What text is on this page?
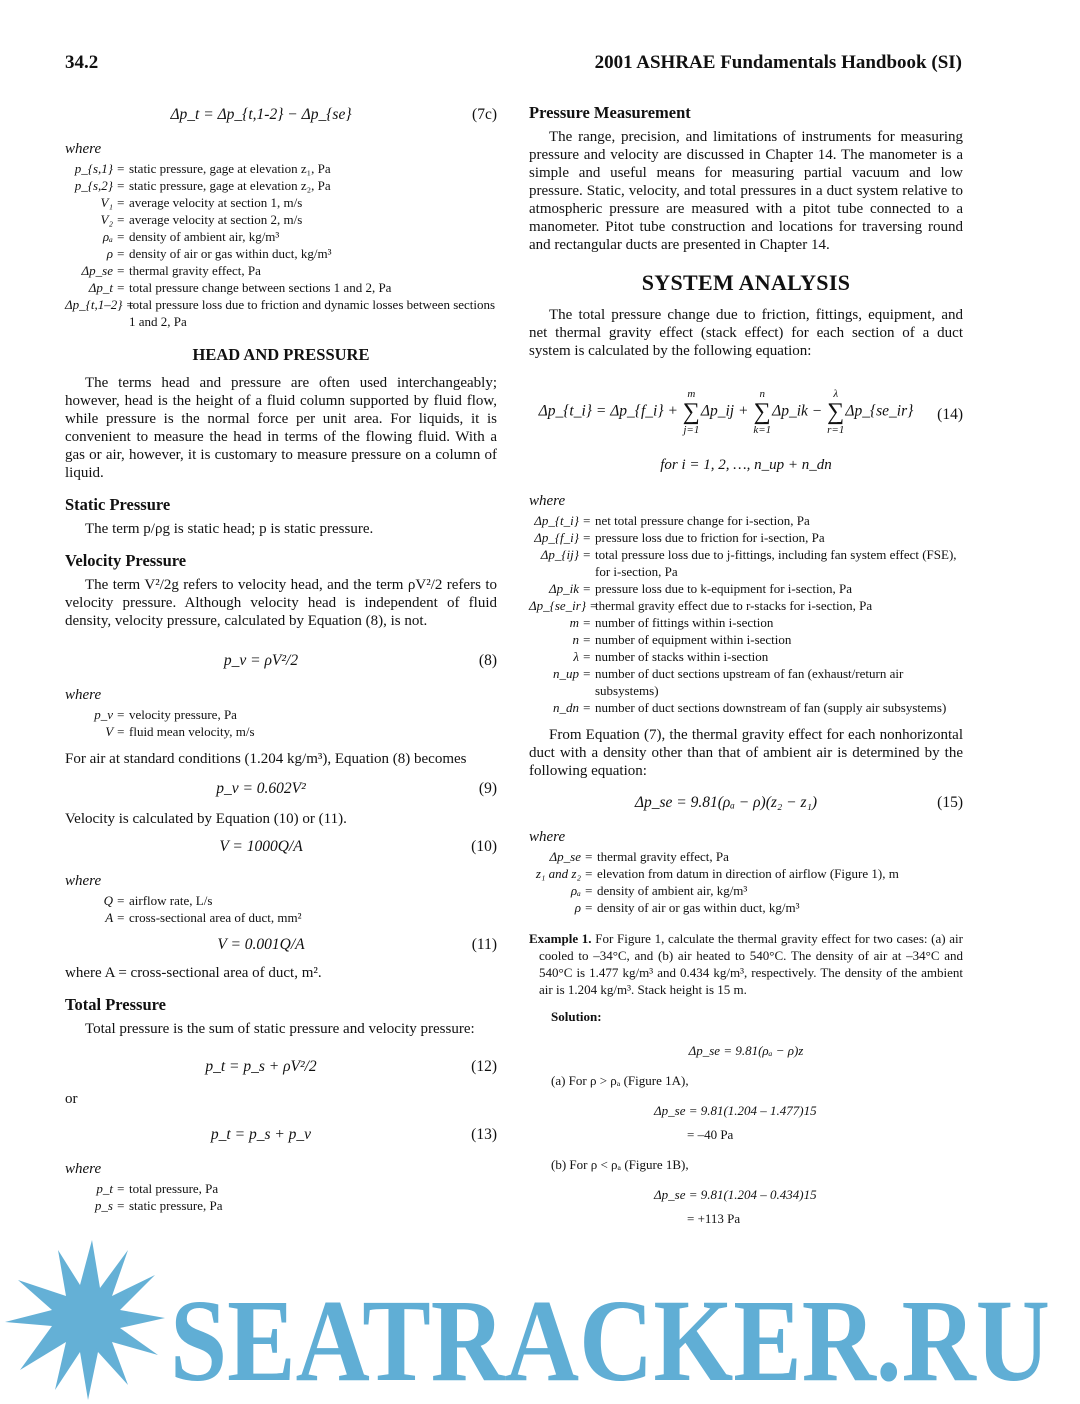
34.2	2001 ASHRAE Fundamentals Handbook (SI)
Δp_t = Δp_{t,1-2} − Δp_{se}	(7c)
where
p_{s,1} = static pressure, gage at elevation z₁, Pa
p_{s,2} = static pressure, gage at elevation z₂, Pa
V₁ = average velocity at section 1, m/s
V₂ = average velocity at section 2, m/s
ρₐ = density of ambient air, kg/m³
ρ = density of air or gas within duct, kg/m³
Δp_se = thermal gravity effect, Pa
Δp_t = total pressure change between sections 1 and 2, Pa
Δp_{t,1–2} =
total pressure loss due to friction and dynamic losses between sections 1 and 2, Pa
HEAD AND PRESSURE

The terms head and pressure are often used interchangeably; however, head is the height of a fluid column supported by fluid flow, while pressure is the normal force per unit area. For liquids, it is convenient to measure the head in terms of the flowing fluid. With a gas or air, however, it is customary to measure pressure on a column of liquid.

Static Pressure

The term p/ρg is static head; p is static pressure.

Velocity Pressure

The term V²/2g refers to velocity head, and the term ρV²/2 refers to velocity pressure. Although velocity head is independent of fluid density, velocity pressure, calculated by Equation (8), is not.

p_v = ρV²/2	(8)
where
p_v = velocity pressure, Pa
V = fluid mean velocity, m/s

For air at standard conditions (1.204 kg/m³), Equation (8) becomes

p_v = 0.602V²	(9)

Velocity is calculated by Equation (10) or (11).

V = 1000Q/A	(10)
where
Q = airflow rate, L/s
A = cross-sectional area of duct, mm²
V = 0.001Q/A	(11)

where A = cross-sectional area of duct, m².

Total Pressure

Total pressure is the sum of static pressure and velocity pressure:

p_t = p_s + ρV²/2	(12)

or

p_t = p_s + p_v	(13)
where
p_t = total pressure, Pa
p_s = static pressure, Pa
Pressure Measurement

The range, precision, and limitations of instruments for measuring pressure and velocity are discussed in Chapter 14. The manometer is a simple and useful means for measuring partial vacuum and low pressure. Static, velocity, and total pressures in a duct system relative to atmospheric pressure are measured with a pitot tube connected to a manometer. Pitot tube construction and locations for traversing round and rectangular ducts are presented in Chapter 14.

SYSTEM ANALYSIS

The total pressure change due to friction, fittings, equipment, and net thermal gravity effect (stack effect) for each section of a duct system is calculated by the following equation:

Δp_{t_i} = Δp_{f_i} +
m
∑
j=1
Δp_ij +
n
∑
k=1
Δp_ik −
λ
∑
r=1
Δp_{se_ir}	(14)
for i = 1, 2, …, n_up + n_dn
where
Δp_{t_i} = net total pressure change for i-section, Pa
Δp_{f_i} = pressure loss due to friction for i-section, Pa
Δp_{ij} = total pressure loss due to j-fittings, including fan system effect (FSE), for i-section, Pa
Δp_ik = pressure loss due to k-equipment for i-section, Pa
Δp_{se_ir} =
thermal gravity effect due to r-stacks for i-section, Pa
m = number of fittings within i-section
n = number of equipment within i-section
λ = number of stacks within i-section
n_up = number of duct sections upstream of fan (exhaust/return air subsystems)
n_dn = number of duct sections downstream of fan (supply air subsystems)

From Equation (7), the thermal gravity effect for each nonhorizontal duct with a density other than that of ambient air is determined by the following equation:

Δp_se = 9.81(ρₐ − ρ)(z₂ − z₁)	(15)
where
Δp_se = thermal gravity effect, Pa
z₁ and z₂ = elevation from datum in direction of airflow (Figure 1), m
ρₐ = density of ambient air, kg/m³
ρ = density of air or gas within duct, kg/m³
Example 1. For Figure 1, calculate the thermal gravity effect for two cases: (a) air cooled to –34°C, and (b) air heated to 540°C. The density of air at –34°C and 540°C is 1.477 kg/m³ and 0.434 kg/m³, respectively. The density of the ambient air is 1.204 kg/m³. Stack height is 15 m.
Solution:
Δp_se = 9.81(ρₐ − ρ)z
(a) For ρ > ρₐ (Figure 1A),
Δp_se = 9.81(1.204 – 1.477)15
= –40 Pa
(b) For ρ < ρₐ (Figure 1B),
Δp_se = 9.81(1.204 – 0.434)15
= +113 Pa
SEATRACKER.RU
